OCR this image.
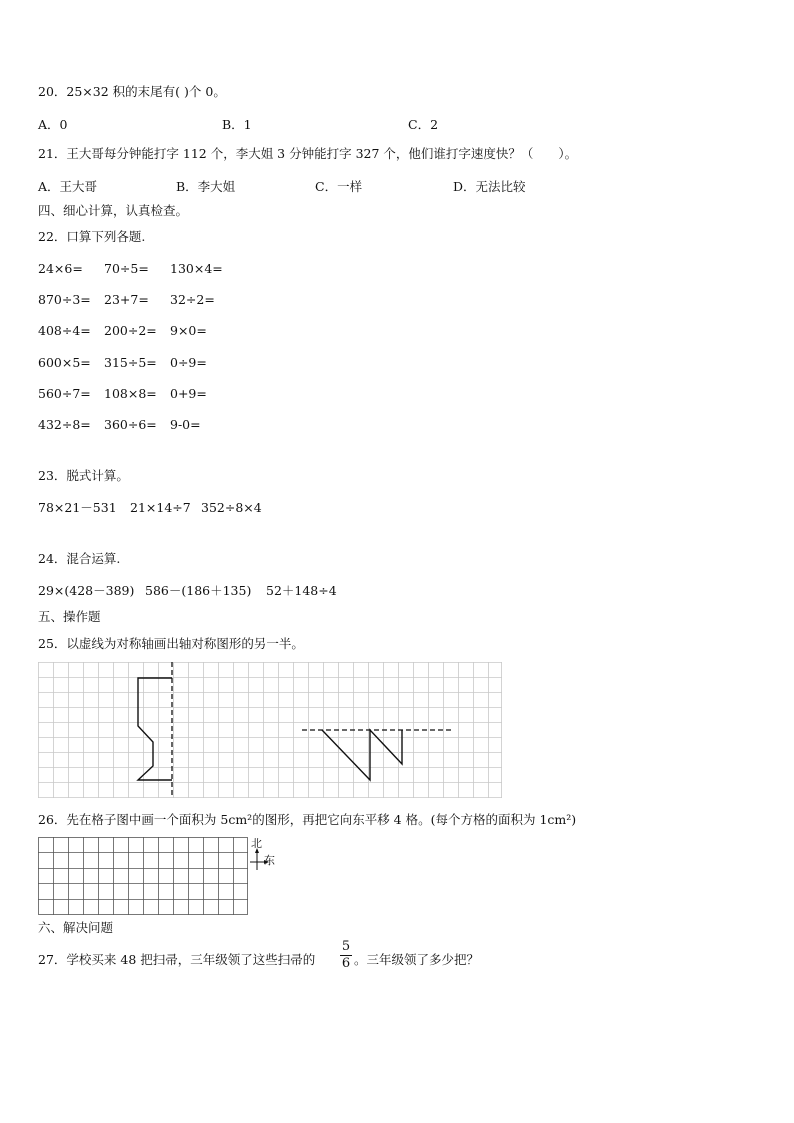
20．25×32 积的末尾有( )个 0。
A．0	B．1	C．2
21．王大哥每分钟能打字 112 个，李大姐 3 分钟能打字 327 个，他们谁打字速度快？（　　）。
A．王大哥	B．李大姐	C．一样	D．无法比较
四、细心计算，认真检查。
22．口算下列各题.
24×6= 70÷5= 130×4=
870÷3= 23+7= 32÷2=
408÷4= 200÷2= 9×0=
600×5= 315÷5= 0÷9=
560÷7= 108×8= 0+9=
432÷8= 360÷6= 9-0=
23．脱式计算。
78×21－531 21×14÷7 352÷8×4
24．混合运算.
29×(428－389) 586－(186＋135) 52＋148÷4
五、操作题
25．以虚线为对称轴画出轴对称图形的另一半。
26．先在格子图中画一个面积为 5cm²的图形，再把它向东平移 4 格。(每个方格的面积为 1cm²)
北
东
六、解决问题
27．学校买来 48 把扫帚，三年级领了这些扫帚的
5
6 。三年级领了多少把？
